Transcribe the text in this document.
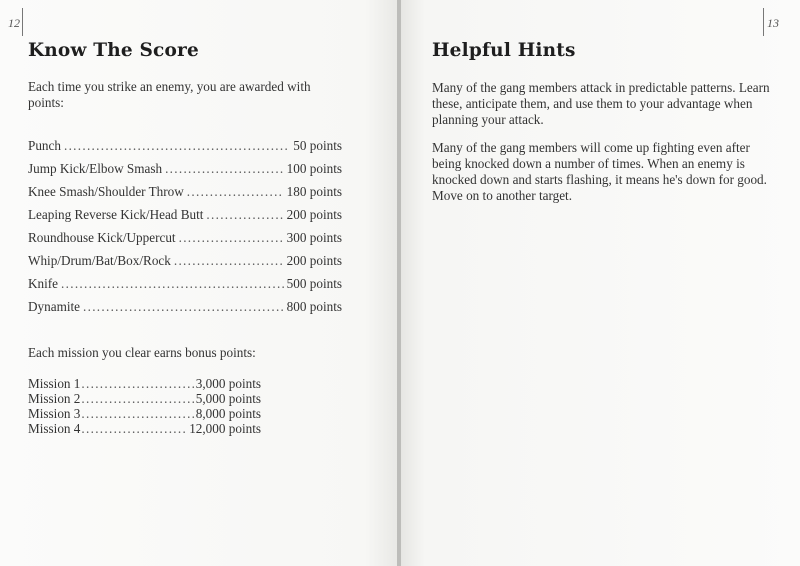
12
Know The Score

Each time you strike an enemy, you are awarded with points:

Punch . . .	50 points
Jump Kick/Elbow Smash . . .	100 points
Knee Smash/Shoulder Throw . . .	180 points
Leaping Reverse Kick/Head Butt . . .	200 points
Roundhouse Kick/Uppercut . . .	300 points
Whip/Drum/Bat/Box/Rock . . .	200 points
Knife . . .	500 points
Dynamite . . .	800 points

Each mission you clear earns bonus points:

Mission 1 . . .	3,000 points
Mission 2 . . .	5,000 points
Mission 3 . . .	8,000 points
Mission 4 . . .	12,000 points
13
Helpful Hints

Many of the gang members attack in predictable patterns. Learn these, anticipate them, and use them to your advantage when planning your attack.

Many of the gang members will come up fighting even after being knocked down a number of times. When an enemy is knocked down and starts flashing, it means he's down for good. Move on to another target.
